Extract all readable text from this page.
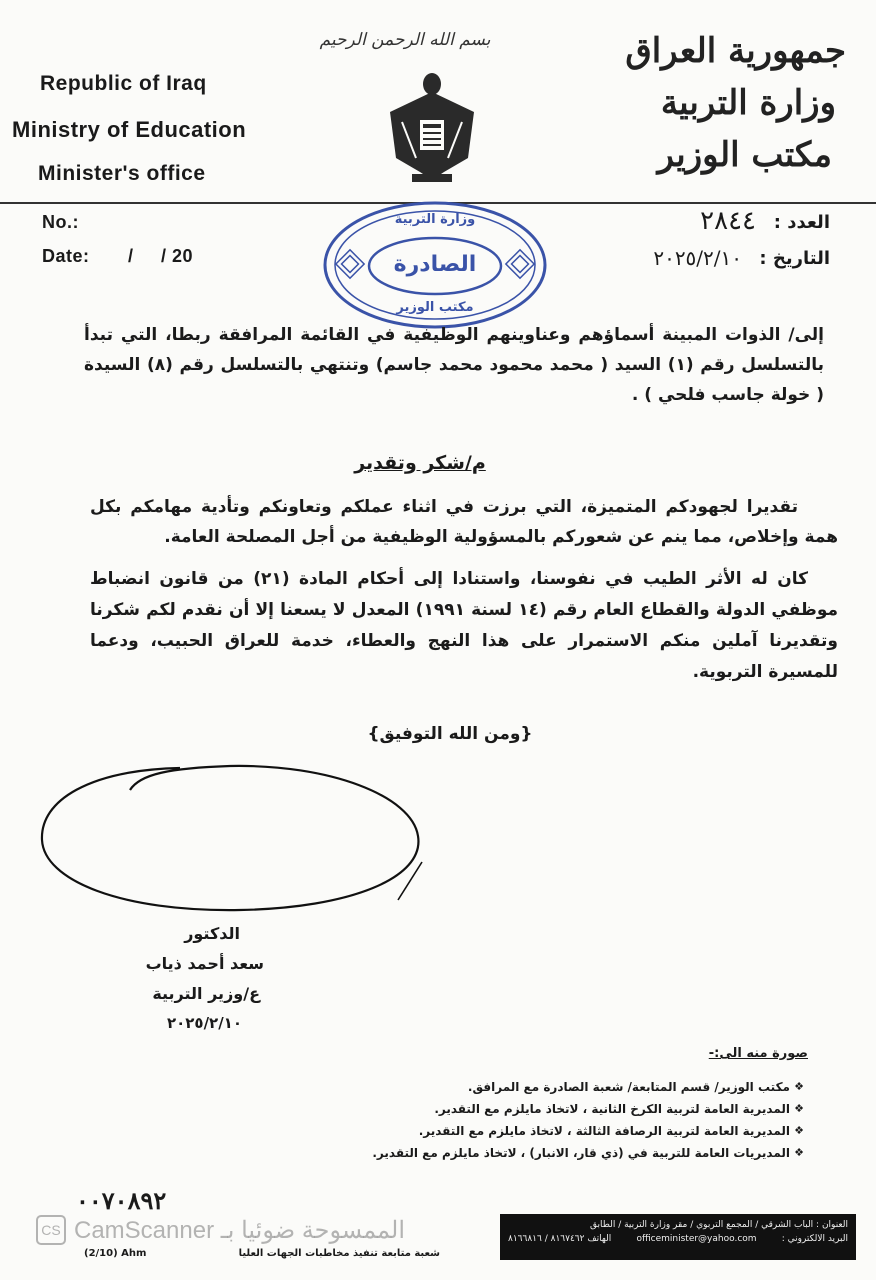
بسم الله الرحمن الرحيم
Republic of Iraq
Ministry of Education
Minister's office
جمهورية العراق
وزارة التربية
مكتب الوزير
No.:
Date: /     / 20
العدد :
٢٨٤٤
التاريخ :
٢٠٢٥/٢/١٠
وزارة التربية
الصادرة
مكتب الوزير
إلى/ الذوات المبينة أسماؤهم وعناوينهم الوظيفية في القائمة المرافقة ربطا، التي تبدأ بالتسلسل رقم (١) السيد ( محمد محمود محمد جاسم) وتنتهي بالتسلسل رقم (٨) السيدة ( خولة جاسب فلحي ) .
م/شكر وتقدير
تقديرا لجهودكم المتميزة، التي برزت في اثناء عملكم وتعاونكم وتأدية مهامكم بكل همة وإخلاص، مما ينم عن شعوركم بالمسؤولية الوظيفية من أجل المصلحة العامة.
كان له الأثر الطيب في نفوسنا، واستنادا إلى أحكام المادة (٢١) من قانون انضباط موظفي الدولة والقطاع العام رقم (١٤ لسنة ١٩٩١) المعدل لا يسعنا إلا أن نقدم لكم شكرنا وتقديرنا آملين منكم الاستمرار على هذا النهج والعطاء، خدمة للعراق الحبيب، ودعما للمسيرة التربوية.
{ومن الله التوفيق}
الدكتور
سعد أحمد ذياب
ع/وزير التربية
٢٠٢٥/٢/١٠
صورة منه الى:-
❖
مكتب الوزير/ قسم المتابعة/ شعبة الصادرة مع المرافق.
❖
المديرية العامة لتربية الكرخ الثانية ، لاتخاذ مايلزم مع التقدير.
❖
المديرية العامة لتربية الرصافة الثالثة ، لاتخاذ مايلزم مع التقدير.
❖
المديريات العامة للتربية في (ذي قار، الانبار) ، لاتخاذ مايلزم مع التقدير.
٠٠٧٠٨٩٢
CS CamScanner الممسوحة ضوئيا بـ	العنوان : الباب الشرقي / المجمع التربوي / مقر وزارة التربية / الطابق
البريد الالكتروني :
officeminister@yahoo.com
الهاتف ٨١٦٧٤٦٢ / ٨١٦٦٨١٦
شعبة متابعة تنفيذ مخاطبات الجهات العليا
(2/10) Ahm
